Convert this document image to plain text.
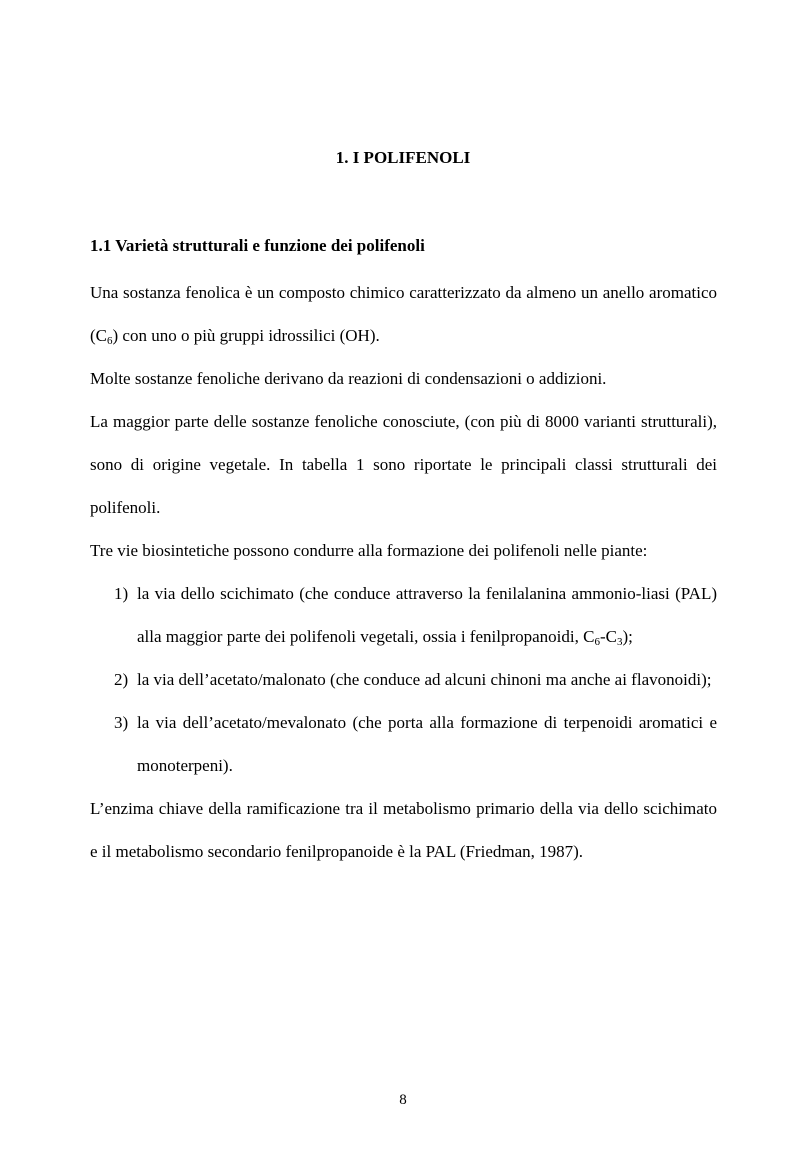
1. I POLIFENOLI
1.1 Varietà strutturali e funzione dei polifenoli

Una sostanza fenolica è un composto chimico caratterizzato da almeno un anello aromatico $(C_6)$ con uno o più gruppi idrossilici (OH).

Molte sostanze fenoliche derivano da reazioni di condensazioni o addizioni.

La maggior parte delle sostanze fenoliche conosciute, (con più di 8000 varianti strutturali), sono di origine vegetale. In tabella 1 sono riportate le principali classi strutturali dei polifenoli.

Tre vie biosintetiche possono condurre alla formazione dei polifenoli nelle piante:

1) la via dello scichimato (che conduce attraverso la fenilalanina ammonio-liasi (PAL) alla maggior parte dei polifenoli vegetali, ossia i fenilpropanoidi, $C_6-C_3$);
2) la via dell’acetato/malonato (che conduce ad alcuni chinoni ma anche ai flavonoidi);
3) la via dell’acetato/mevalonato (che porta alla formazione di terpenoidi aromatici e monoterpeni).

L’enzima chiave della ramificazione tra il metabolismo primario della via dello scichimato e il metabolismo secondario fenilpropanoide è la PAL (Friedman, 1987).

8
